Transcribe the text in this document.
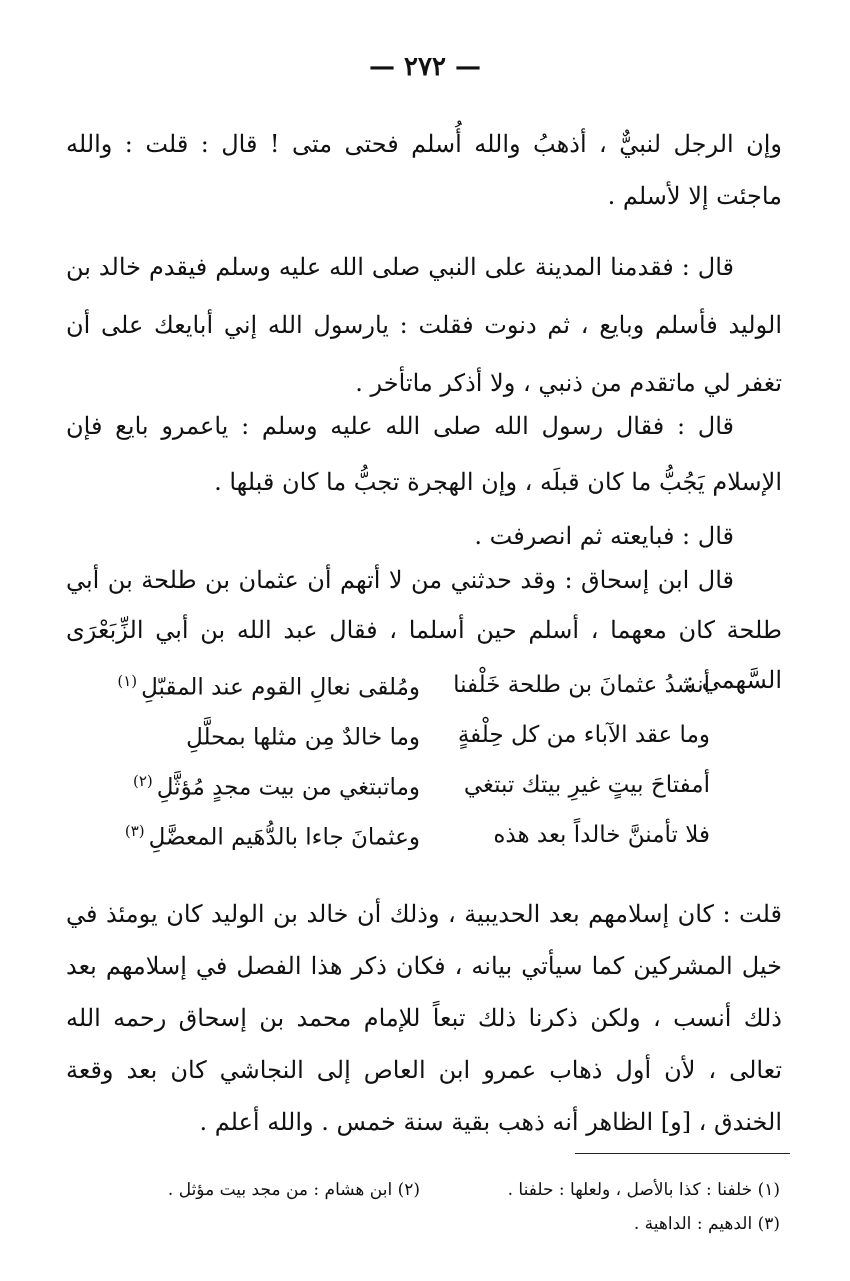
— ٢٧٢ —

وإن الرجل لنبيٌّ ، أذهبُ والله أُسلم فحتى متى ! قال : قلت : والله ماجئت إلا لأسلم .

قال : فقدمنا المدينة على النبي صلى الله عليه وسلم فيقدم خالد بن الوليد فأسلم وبايع ، ثم دنوت فقلت : يارسول الله إني أبايعك على أن تغفر لي ماتقدم من ذنبي ، ولا أذكر ماتأخر .

قال : فقال رسول الله صلى الله عليه وسلم : ياعمرو بايع فإن الإسلام يَجُبُّ ما كان قبلَه ، وإن الهجرة تجبُّ ما كان قبلها .

قال : فبايعته ثم انصرفت .

قال ابن إسحاق : وقد حدثني من لا أتهم أن عثمان بن طلحة بن أبي طلحة كان معهما ، أسلم حين أسلما ، فقال عبد الله بن أبي الزِّبَعْرَى السَّهمي :

أنشدُ عثمانَ بن طلحة خَلْفنا
ومُلقى نعالِ القوم عند المقبّلِ$^{(١)}$
وما عقد الآباء من كل حِلْفةٍ
وما خالدٌ مِن مثلها بمحلَّلِ
أمفتاحَ بيتٍ غيرِ بيتك تبتغي
وماتبتغي من بيت مجدٍ مُؤثَّلِ$^{(٢)}$
فلا تأمننَّ خالداً بعد هذه
وعثمانَ جاءا بالدُّهَيم المعضَّلِ$^{(٣)}$

قلت : كان إسلامهم بعد الحديبية ، وذلك أن خالد بن الوليد كان يومئذ في خيل المشركين كما سيأتي بيانه ، فكان ذكر هذا الفصل في إسلامهم بعد ذلك أنسب ، ولكن ذكرنا ذلك تبعاً للإمام محمد بن إسحاق رحمه الله تعالى ، لأن أول ذهاب عمرو ابن العاص إلى النجاشي كان بعد وقعة الخندق ، [و] الظاهر أنه ذهب بقية سنة خمس . والله أعلم .

(١) خلفنا : كذا بالأصل ، ولعلها : حلفنا .
(٢) ابن هشام : من مجد بيت مؤثل .
(٣) الدهيم : الداهية .
